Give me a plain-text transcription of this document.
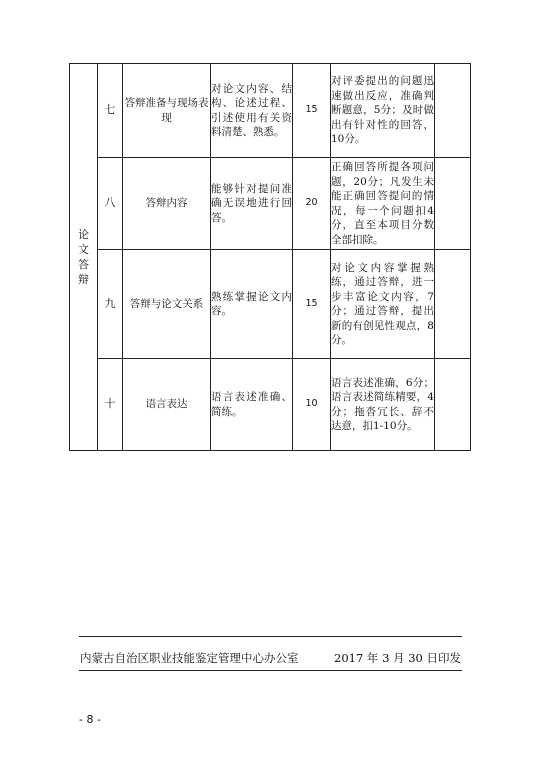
论文答辩	七	答辩准备与现场表现	对论文内容、结构、论述过程、引述使用有关资料清楚、熟悉。	15	对评委提出的问题迅速做出反应，准确判断题意，5分；及时做出有针对性的回答，10分。	
	八	答辩内容	能够针对提问准确无误地进行回答。	20	正确回答所提各项问题，20分；凡发生未能正确回答提问的情况，每一个问题扣4分，直至本项目分数全部扣除。	
	九	答辩与论文关系	熟练掌握论文内容。	15	对论文内容掌握熟练，通过答辩，进一步丰富论文内容，7分；通过答辩，提出新的有创见性观点，8分。	
	十	语言表达	语言表述准确、简练。	10	语言表述准确，6分；语言表述简练精要，4分；拖沓冗长、辞不达意，扣1-10分。	
内蒙古自治区职业技能鉴定管理中心办公室	2017 年 3 月 30 日印发
- 8 -
